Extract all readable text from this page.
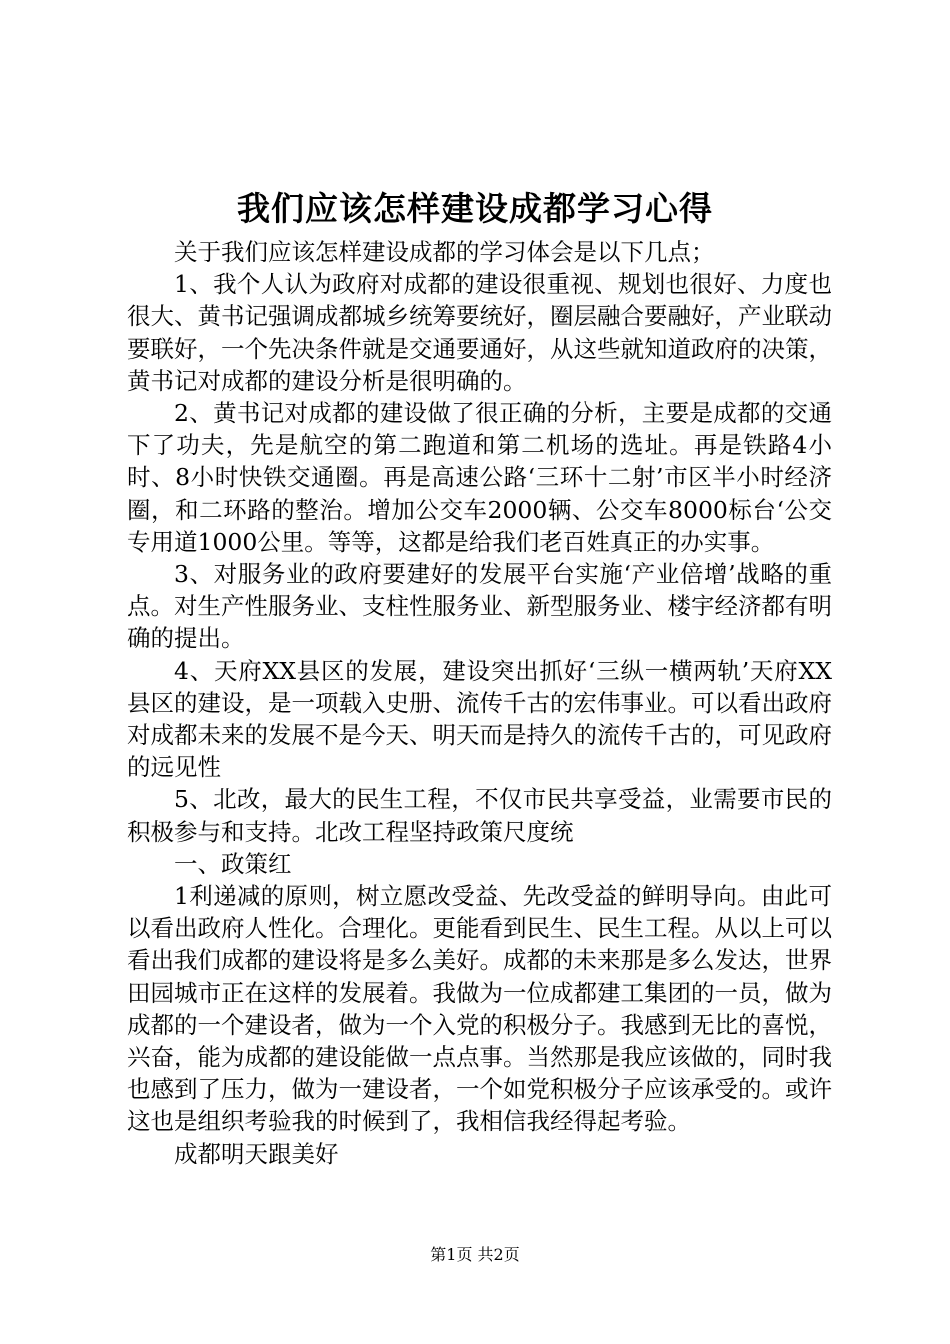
我们应该怎样建设成都学习心得

关于我们应该怎样建设成都的学习体会是以下几点；

1、我个人认为政府对成都的建设很重视、规划也很好、力度也很大、黄书记强调成都城乡统筹要统好，圈层融合要融好，产业联动要联好，一个先决条件就是交通要通好，从这些就知道政府的决策，黄书记对成都的建设分析是很明确的。

2、黄书记对成都的建设做了很正确的分析，主要是成都的交通下了功夫，先是航空的第二跑道和第二机场的选址。再是铁路4小时、8小时快铁交通圈。再是高速公路‘三环十二射’市区半小时经济圈，和二环路的整治。增加公交车2000辆、公交车8000标台‘公交专用道1000公里。等等，这都是给我们老百姓真正的办实事。

3、对服务业的政府要建好的发展平台实施‘产业倍增’战略的重点。对生产性服务业、支柱性服务业、新型服务业、楼宇经济都有明确的提出。

4、天府XX县区的发展，建设突出抓好‘三纵一横两轨’天府XX县区的建设，是一项载入史册、流传千古的宏伟事业。可以看出政府对成都未来的发展不是今天、明天而是持久的流传千古的，可见政府的远见性

5、北改，最大的民生工程，不仅市民共享受益，业需要市民的积极参与和支持。北改工程坚持政策尺度统

一、政策红

1利递减的原则，树立愿改受益、先改受益的鲜明导向。由此可以看出政府人性化。合理化。更能看到民生、民生工程。从以上可以看出我们成都的建设将是多么美好。成都的未来那是多么发达，世界田园城市正在这样的发展着。我做为一位成都建工集团的一员，做为成都的一个建设者，做为一个入党的积极分子。我感到无比的喜悦，兴奋，能为成都的建设能做一点点事。当然那是我应该做的，同时我也感到了压力，做为一建设者，一个如党积极分子应该承受的。或许这也是组织考验我的时候到了，我相信我经得起考验。

成都明天跟美好

第1页 共2页
